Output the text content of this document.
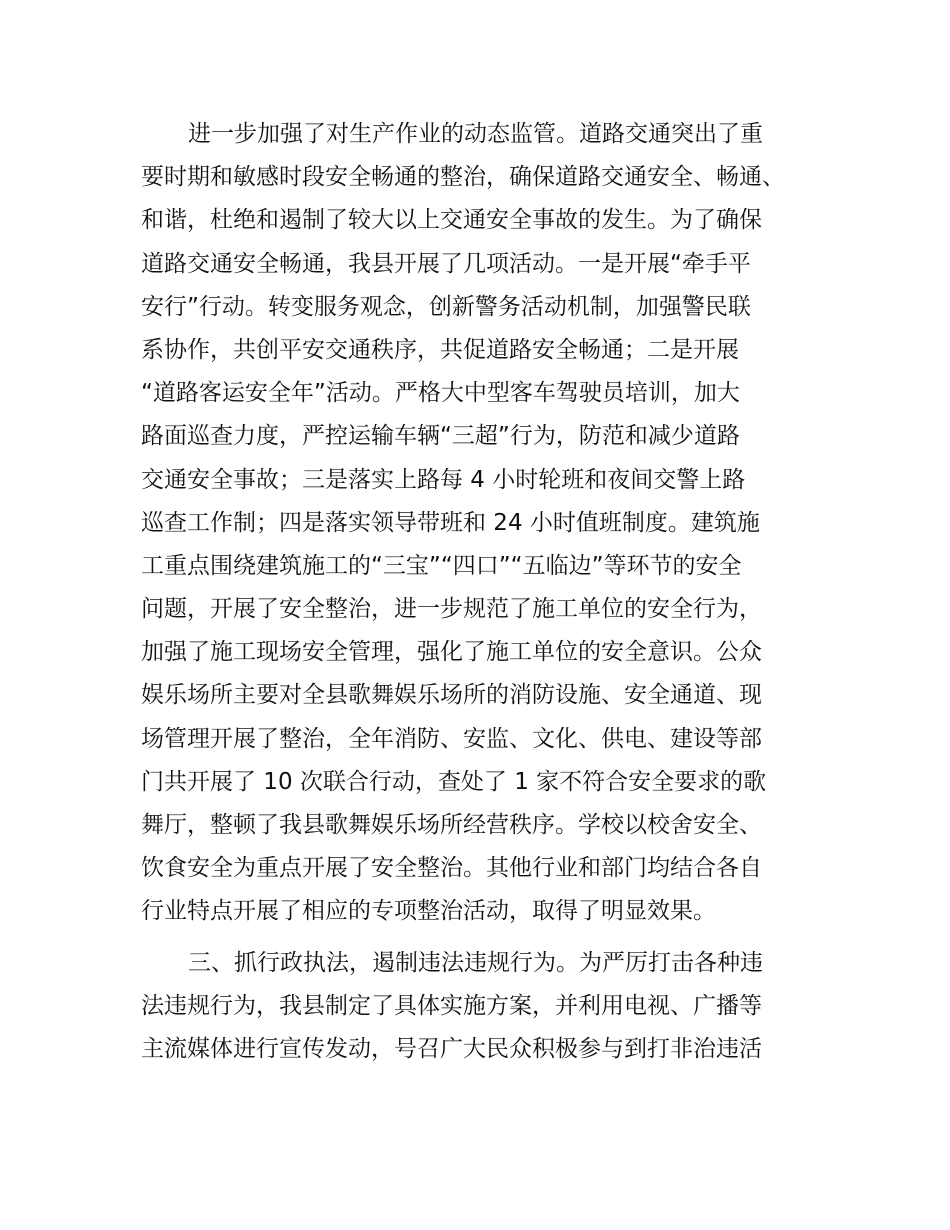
进一步加强了对生产作业的动态监管。道路交通突出了重
要时期和敏感时段安全畅通的整治，确保道路交通安全、畅通、
和谐，杜绝和遏制了较大以上交通安全事故的发生。为了确保
道路交通安全畅通，我县开展了几项活动。一是开展“牵手平
安行”行动。转变服务观念，创新警务活动机制，加强警民联
系协作，共创平安交通秩序，共促道路安全畅通；二是开展
“道路客运安全年”活动。严格大中型客车驾驶员培训，加大
路面巡查力度，严控运输车辆“三超”行为，防范和减少道路
交通安全事故；三是落实上路每 4 小时轮班和夜间交警上路
巡查工作制；四是落实领导带班和 24 小时值班制度。建筑施
工重点围绕建筑施工的“三宝”“四口”“五临边”等环节的安全
问题，开展了安全整治，进一步规范了施工单位的安全行为，
加强了施工现场安全管理，强化了施工单位的安全意识。公众
娱乐场所主要对全县歌舞娱乐场所的消防设施、安全通道、现
场管理开展了整治，全年消防、安监、文化、供电、建设等部
门共开展了 10 次联合行动，查处了 1 家不符合安全要求的歌
舞厅，整顿了我县歌舞娱乐场所经营秩序。学校以校舍安全、
饮食安全为重点开展了安全整治。其他行业和部门均结合各自
行业特点开展了相应的专项整治活动，取得了明显效果。
三、抓行政执法，遏制违法违规行为。为严厉打击各种违
法违规行为，我县制定了具体实施方案，并利用电视、广播等
主流媒体进行宣传发动，号召广大民众积极参与到打非治违活
